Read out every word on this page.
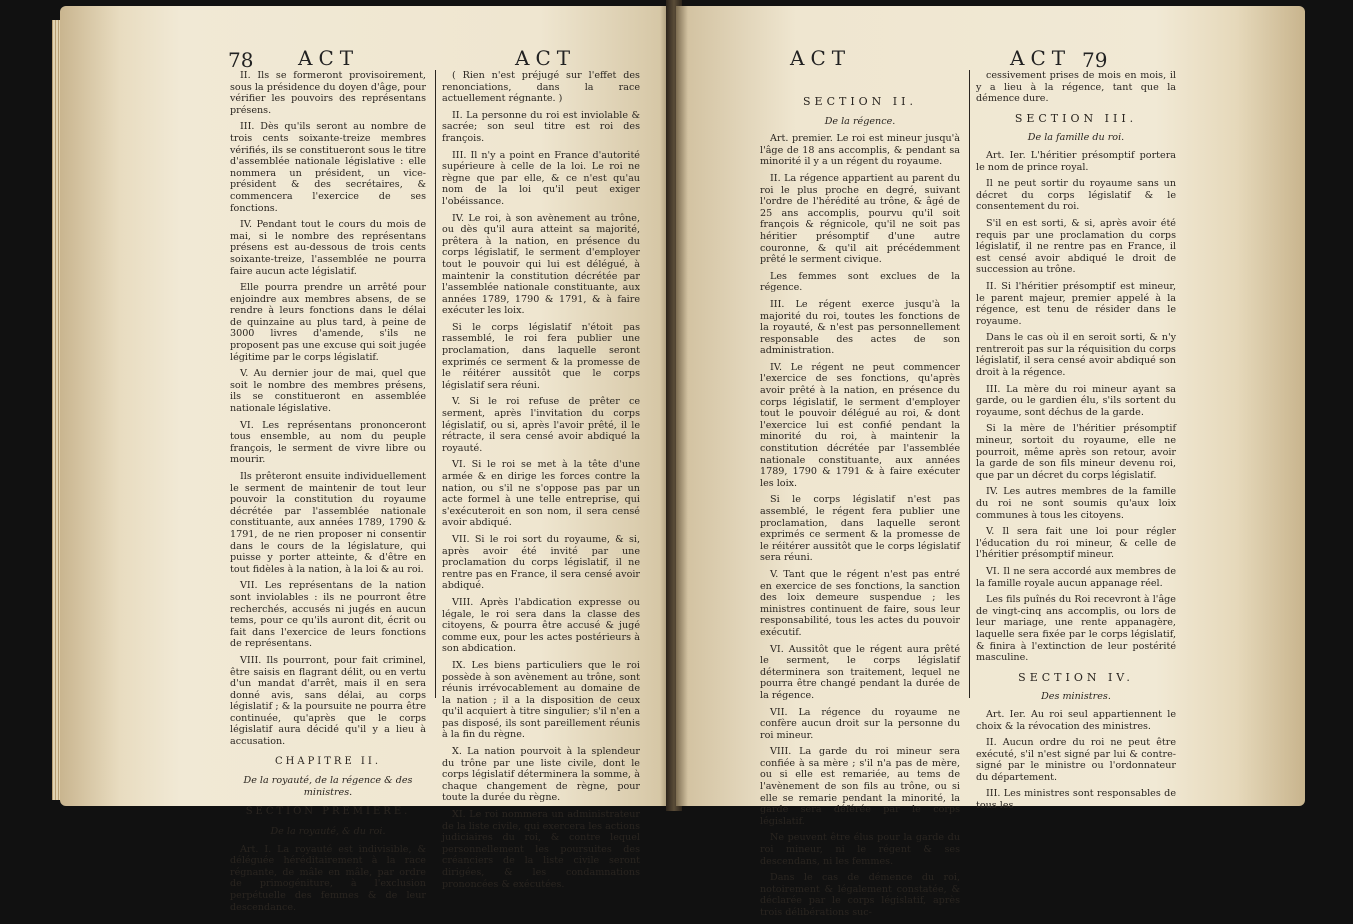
78 ACT	ACT

II. Ils se formeront provisoirement, sous la présidence du doyen d'âge, pour vérifier les pouvoirs des représentans présens.

III. Dès qu'ils seront au nombre de trois cents soixante-treize membres vérifiés, ils se constitueront sous le titre d'assemblée nationale législative : elle nommera un président, un vice-président & des secrétaires, & commencera l'exercice de ses fonctions.

IV. Pendant tout le cours du mois de mai, si le nombre des représentans présens est au-dessous de trois cents soixante-treize, l'assemblée ne pourra faire aucun acte législatif.

Elle pourra prendre un arrêté pour enjoindre aux membres absens, de se rendre à leurs fonctions dans le délai de quinzaine au plus tard, à peine de 3000 livres d'amende, s'ils ne proposent pas une excuse qui soit jugée légitime par le corps législatif.

V. Au dernier jour de mai, quel que soit le nombre des membres présens, ils se constitueront en assemblée nationale législative.

VI. Les représentans prononceront tous ensemble, au nom du peuple françois, le serment de vivre libre ou mourir.

Ils prêteront ensuite individuellement le serment de maintenir de tout leur pouvoir la constitution du royaume décrétée par l'assemblée nationale constituante, aux années 1789, 1790 & 1791, de ne rien proposer ni consentir dans le cours de la législature, qui puisse y porter atteinte, & d'être en tout fidèles à la nation, à la loi & au roi.

VII. Les représentans de la nation sont inviolables : ils ne pourront être recherchés, accusés ni jugés en aucun tems, pour ce qu'ils auront dit, écrit ou fait dans l'exercice de leurs fonctions de représentans.

VIII. Ils pourront, pour fait criminel, être saisis en flagrant délit, ou en vertu d'un mandat d'arrêt, mais il en sera donné avis, sans délai, au corps législatif ; & la poursuite ne pourra être continuée, qu'après que le corps législatif aura décidé qu'il y a lieu à accusation.

CHAPITRE II.

De la royauté, de la régence & des ministres.

SECTION PREMIERE.

De la royauté, & du roi.

Art. I. La royauté est indivisible, & déléguée héréditairement à la race régnante, de mâle en mâle, par ordre de primogéniture, à l'exclusion perpétuelle des femmes & de leur descendance.

( Rien n'est préjugé sur l'effet des renonciations, dans la race actuellement régnante. )

II. La personne du roi est inviolable & sacrée; son seul titre est roi des françois.

III. Il n'y a point en France d'autorité supérieure à celle de la loi. Le roi ne règne que par elle, & ce n'est qu'au nom de la loi qu'il peut exiger l'obéissance.

IV. Le roi, à son avènement au trône, ou dès qu'il aura atteint sa majorité, prêtera à la nation, en présence du corps législatif, le serment d'employer tout le pouvoir qui lui est délégué, à maintenir la constitution décrétée par l'assemblée nationale constituante, aux années 1789, 1790 & 1791, & à faire exécuter les loix.

Si le corps législatif n'étoit pas rassemblé, le roi fera publier une proclamation, dans laquelle seront exprimés ce serment & la promesse de le réitérer aussitôt que le corps législatif sera réuni.

V. Si le roi refuse de prêter ce serment, après l'invitation du corps législatif, ou si, après l'avoir prêté, il le rétracte, il sera censé avoir abdiqué la royauté.

VI. Si le roi se met à la tête d'une armée & en dirige les forces contre la nation, ou s'il ne s'oppose pas par un acte formel à une telle entreprise, qui s'exécuteroit en son nom, il sera censé avoir abdiqué.

VII. Si le roi sort du royaume, & si, après avoir été invité par une proclamation du corps législatif, il ne rentre pas en France, il sera censé avoir abdiqué.

VIII. Après l'abdication expresse ou légale, le roi sera dans la classe des citoyens, & pourra être accusé & jugé comme eux, pour les actes postérieurs à son abdication.

IX. Les biens particuliers que le roi possède à son avènement au trône, sont réunis irrévocablement au domaine de la nation ; il a la disposition de ceux qu'il acquiert à titre singulier; s'il n'en a pas disposé, ils sont pareillement réunis à la fin du règne.

X. La nation pourvoit à la splendeur du trône par une liste civile, dont le corps législatif déterminera la somme, à chaque changement de règne, pour toute la durée du règne.

XI. Le roi nommera un administrateur de la liste civile, qui exercera les actions judiciaires du roi, & contre lequel personnellement les poursuites des créanciers de la liste civile seront dirigées, & les condamnations prononcées & exécutées.

ACT	ACT 79

SECTION II.

De la régence.

Art. premier. Le roi est mineur jusqu'à l'âge de 18 ans accomplis, & pendant sa minorité il y a un régent du royaume.

II. La régence appartient au parent du roi le plus proche en degré, suivant l'ordre de l'hérédité au trône, & âgé de 25 ans accomplis, pourvu qu'il soit françois & régnicole, qu'il ne soit pas héritier présomptif d'une autre couronne, & qu'il ait précédemment prêté le serment civique.

Les femmes sont exclues de la régence.

III. Le régent exerce jusqu'à la majorité du roi, toutes les fonctions de la royauté, & n'est pas personnellement responsable des actes de son administration.

IV. Le régent ne peut commencer l'exercice de ses fonctions, qu'après avoir prêté à la nation, en présence du corps législatif, le serment d'employer tout le pouvoir délégué au roi, & dont l'exercice lui est confié pendant la minorité du roi, à maintenir la constitution décrétée par l'assemblée nationale constituante, aux années 1789, 1790 & 1791 & à faire exécuter les loix.

Si le corps législatif n'est pas assemblé, le régent fera publier une proclamation, dans laquelle seront exprimés ce serment & la promesse de le réitérer aussitôt que le corps législatif sera réuni.

V. Tant que le régent n'est pas entré en exercice de ses fonctions, la sanction des loix demeure suspendue ; les ministres continuent de faire, sous leur responsabilité, tous les actes du pouvoir exécutif.

VI. Aussitôt que le régent aura prêté le serment, le corps législatif déterminera son traitement, lequel ne pourra être changé pendant la durée de la régence.

VII. La régence du royaume ne confère aucun droit sur la personne du roi mineur.

VIII. La garde du roi mineur sera confiée à sa mère ; s'il n'a pas de mère, ou si elle est remariée, au tems de l'avènement de son fils au trône, ou si elle se remarie pendant la minorité, la garde sera déférée par le corps législatif.

Ne peuvent être élus pour la garde du roi mineur, ni le régent & ses descendans, ni les femmes.

Dans le cas de démence du roi, notoirement & légalement constatée, & déclarée par le corps législatif, après trois délibérations suc-

cessivement prises de mois en mois, il y a lieu à la régence, tant que la démence dure.

SECTION III.

De la famille du roi.

Art. Ier. L'héritier présomptif portera le nom de prince royal.

Il ne peut sortir du royaume sans un décret du corps législatif & le consentement du roi.

S'il en est sorti, & si, après avoir été requis par une proclamation du corps législatif, il ne rentre pas en France, il est censé avoir abdiqué le droit de succession au trône.

II. Si l'héritier présomptif est mineur, le parent majeur, premier appelé à la régence, est tenu de résider dans le royaume.

Dans le cas où il en seroit sorti, & n'y rentreroit pas sur la réquisition du corps législatif, il sera censé avoir abdiqué son droit à la régence.

III. La mère du roi mineur ayant sa garde, ou le gardien élu, s'ils sortent du royaume, sont déchus de la garde.

Si la mère de l'héritier présomptif mineur, sortoit du royaume, elle ne pourroit, même après son retour, avoir la garde de son fils mineur devenu roi, que par un décret du corps législatif.

IV. Les autres membres de la famille du roi ne sont soumis qu'aux loix communes à tous les citoyens.

V. Il sera fait une loi pour régler l'éducation du roi mineur, & celle de l'héritier présomptif mineur.

VI. Il ne sera accordé aux membres de la famille royale aucun appanage réel.

Les fils puînés du Roi recevront à l'âge de vingt-cinq ans accomplis, ou lors de leur mariage, une rente appanagère, laquelle sera fixée par le corps législatif, & finira à l'extinction de leur postérité masculine.

SECTION IV.

Des ministres.

Art. Ier. Au roi seul appartiennent le choix & la révocation des ministres.

II. Aucun ordre du roi ne peut être exécuté, s'il n'est signé par lui & contre-signé par le ministre ou l'ordonnateur du département.

III. Les ministres sont responsables de tous les
